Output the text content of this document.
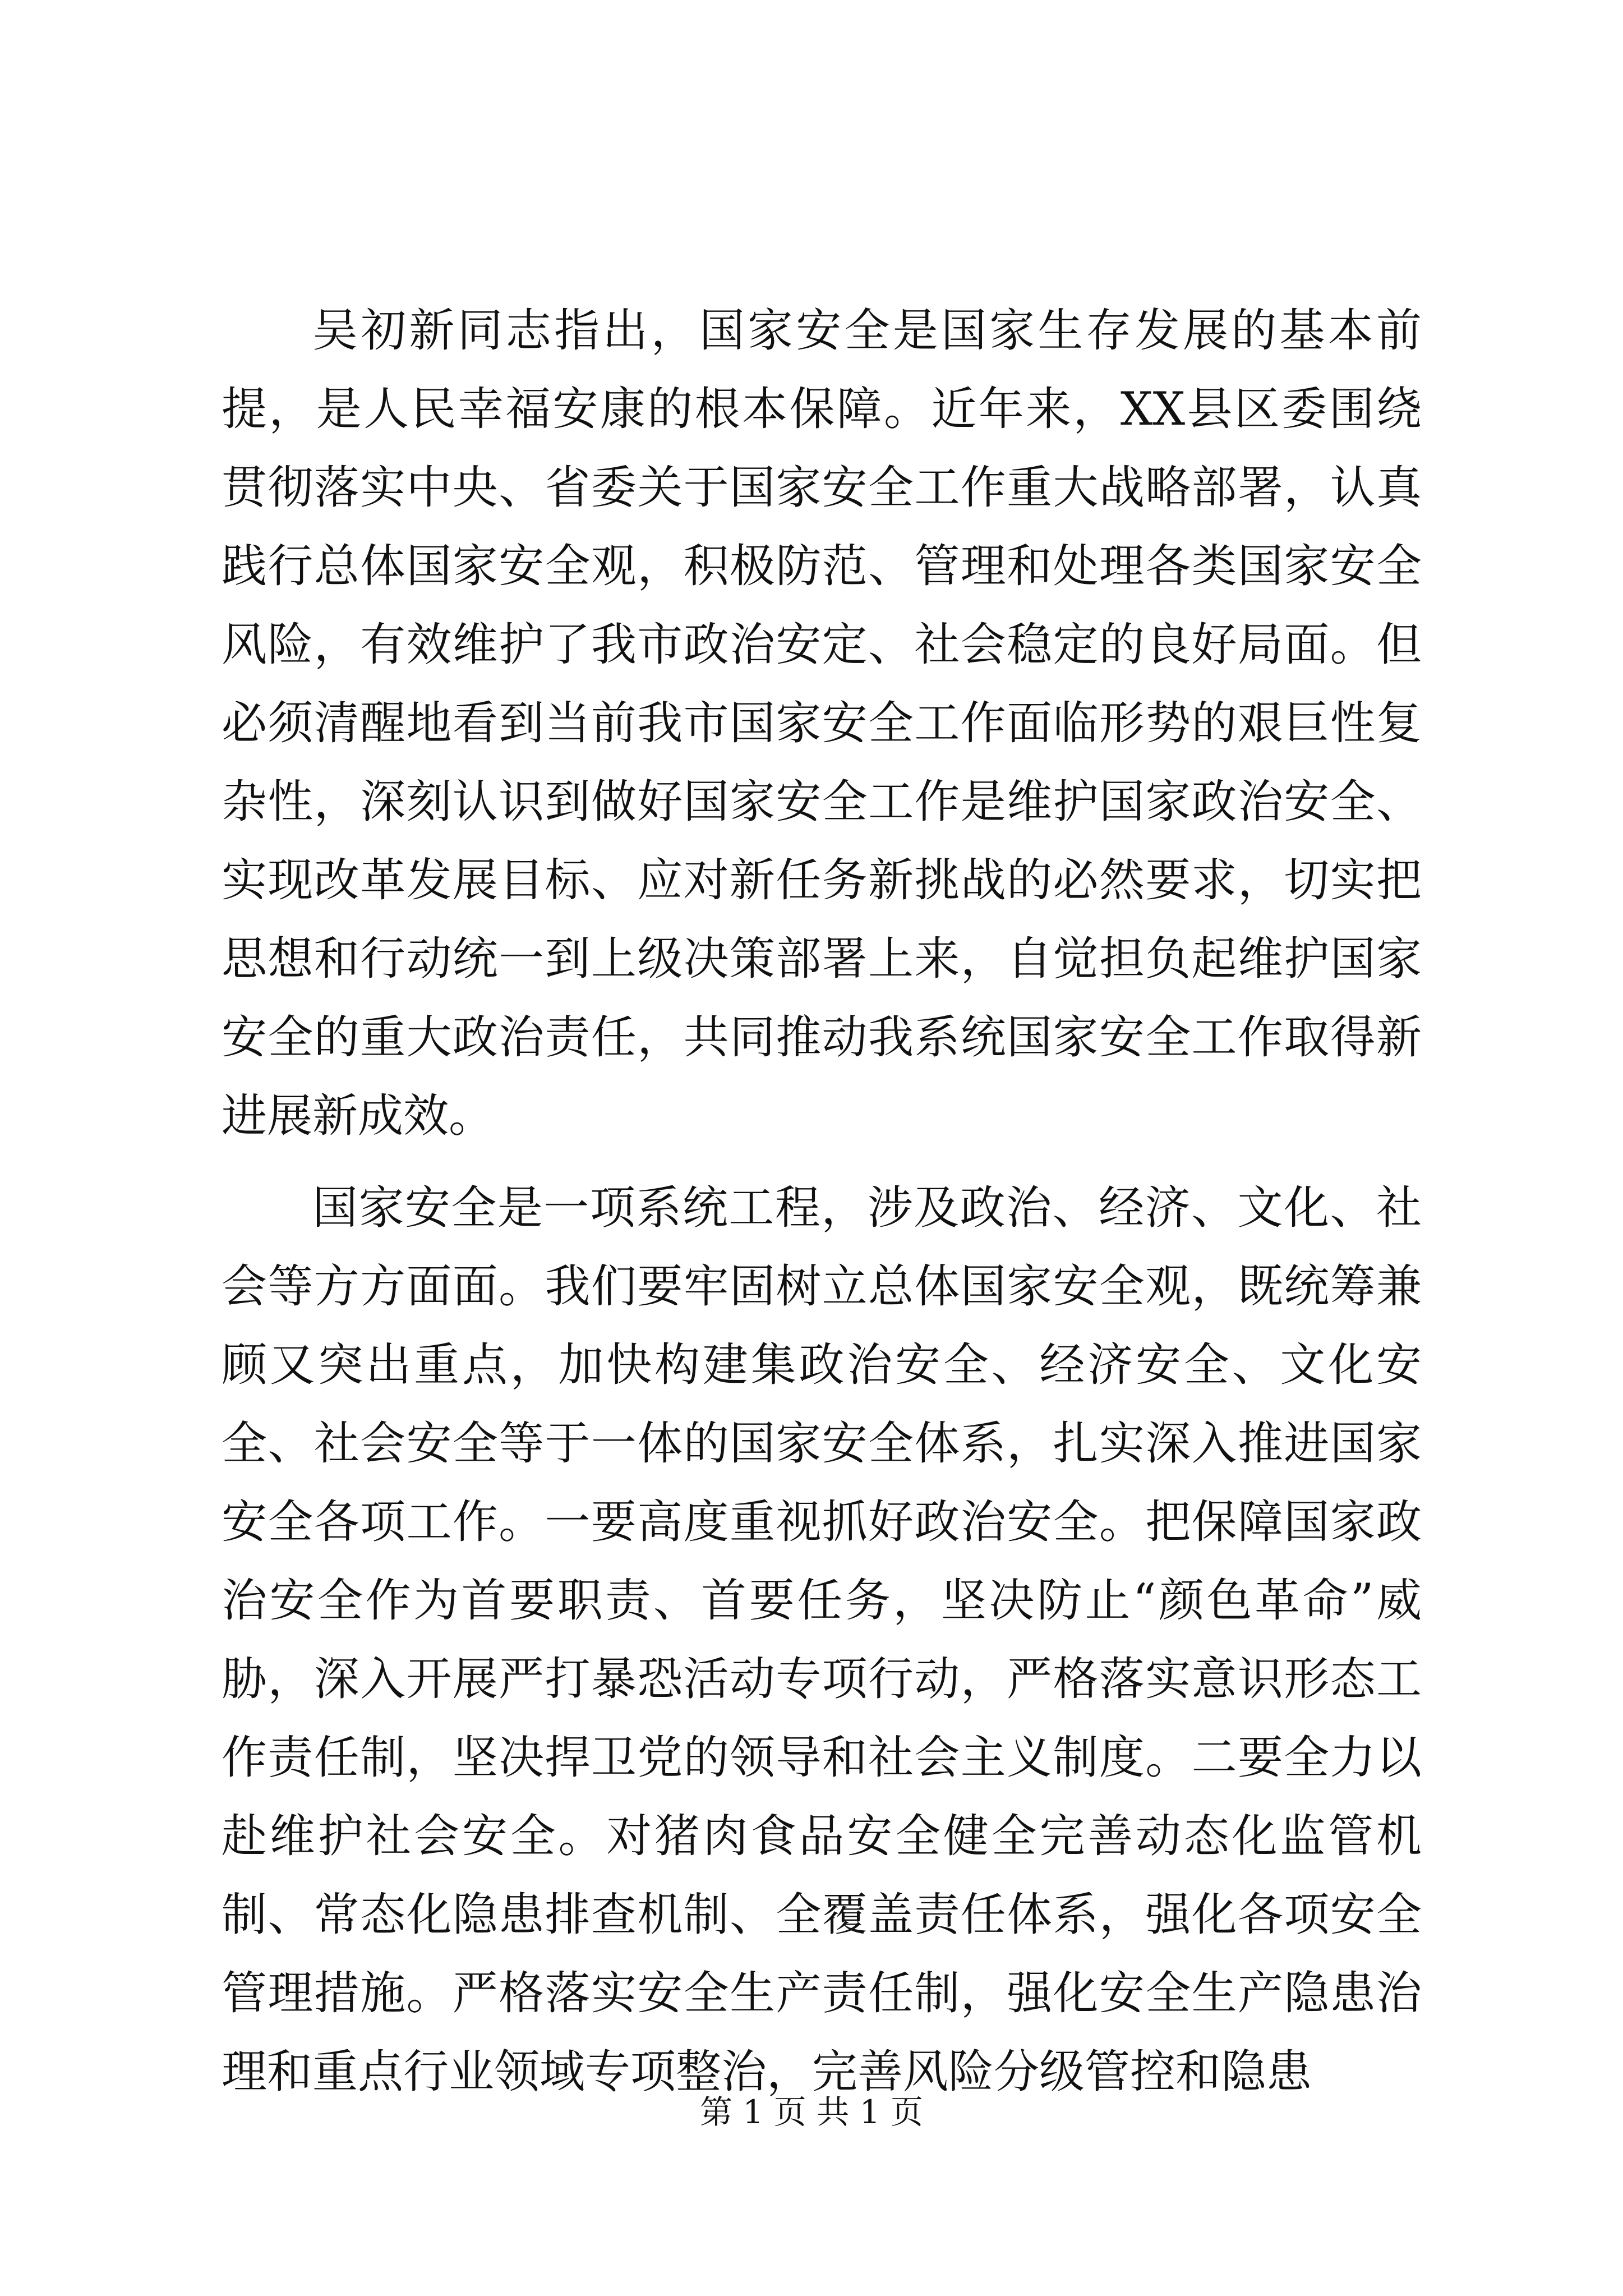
吴初新同志指出，国家安全是国家生存发展的基本前提，是人民幸福安康的根本保障。近年来，XX县区委围绕贯彻落实中央、省委关于国家安全工作重大战略部署，认真践行总体国家安全观，积极防范、管理和处理各类国家安全风险，有效维护了我市政治安定、社会稳定的良好局面。但必须清醒地看到当前我市国家安全工作面临形势的艰巨性复杂性，深刻认识到做好国家安全工作是维护国家政治安全、实现改革发展目标、应对新任务新挑战的必然要求，切实把思想和行动统一到上级决策部署上来，自觉担负起维护国家安全的重大政治责任，共同推动我系统国家安全工作取得新进展新成效。

国家安全是一项系统工程，涉及政治、经济、文化、社会等方方面面。我们要牢固树立总体国家安全观，既统筹兼顾又突出重点，加快构建集政治安全、经济安全、文化安全、社会安全等于一体的国家安全体系，扎实深入推进国家安全各项工作。一要高度重视抓好政治安全。把保障国家政治安全作为首要职责、首要任务，坚决防止“颜色革命”威胁，深入开展严打暴恐活动专项行动，严格落实意识形态工作责任制，坚决捍卫党的领导和社会主义制度。二要全力以赴维护社会安全。对猪肉食品安全健全完善动态化监管机制、常态化隐患排查机制、全覆盖责任体系，强化各项安全管理措施。严格落实安全生产责任制，强化安全生产隐患治理和重点行业领域专项整治，完善风险分级管控和隐患

第 1 页 共 1 页
